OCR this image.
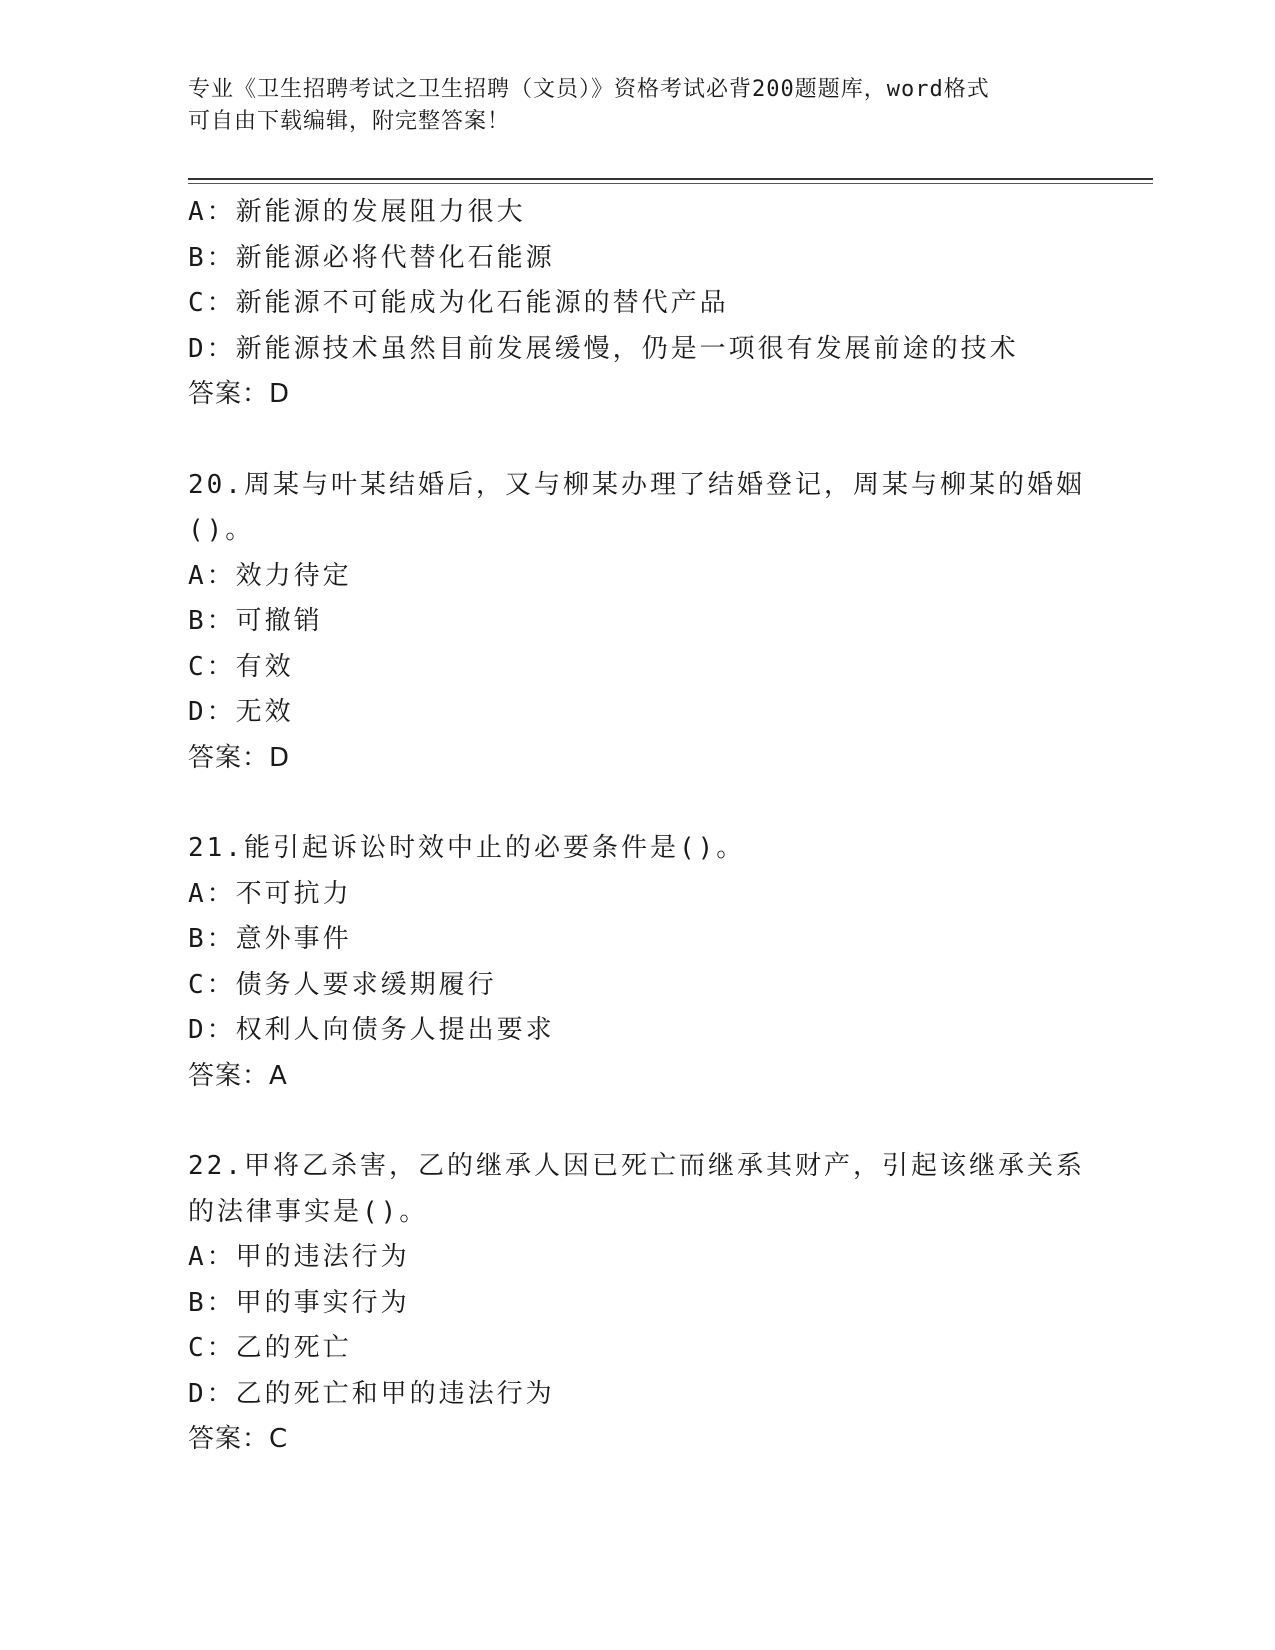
专业《卫生招聘考试之卫生招聘（文员）》资格考试必背200题题库，word格式
可自由下载编辑，附完整答案！
A：新能源的发展阻力很大
B：新能源必将代替化石能源
C：新能源不可能成为化石能源的替代产品
D：新能源技术虽然目前发展缓慢，仍是一项很有发展前途的技术
答案：D
20.周某与叶某结婚后，又与柳某办理了结婚登记，周某与柳某的婚姻
()。
A：效力待定
B：可撤销
C：有效
D：无效
答案：D
21.能引起诉讼时效中止的必要条件是()。
A：不可抗力
B：意外事件
C：债务人要求缓期履行
D：权利人向债务人提出要求
答案：A
22.甲将乙杀害，乙的继承人因已死亡而继承其财产，引起该继承关系
的法律事实是()。
A：甲的违法行为
B：甲的事实行为
C：乙的死亡
D：乙的死亡和甲的违法行为
答案：C
